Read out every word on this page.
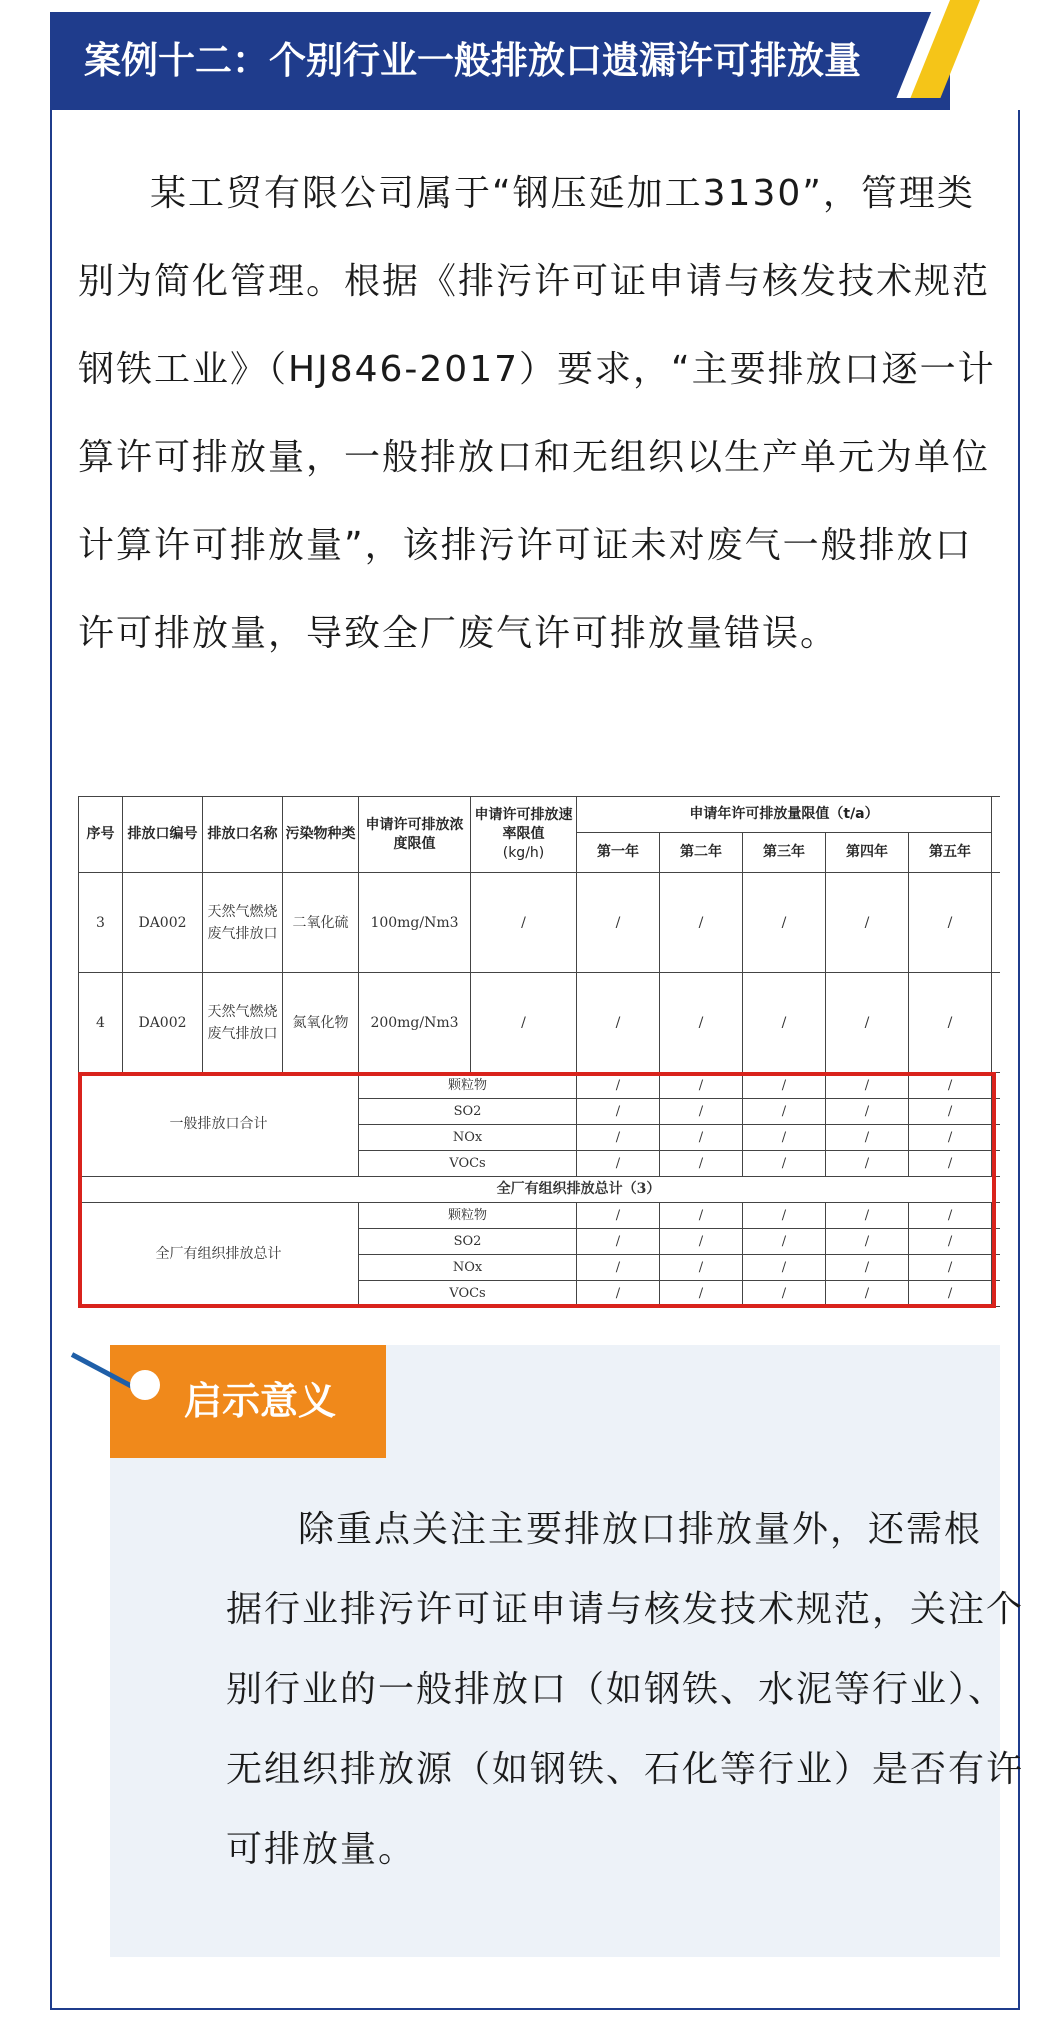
案例十二：个别行业一般排放口遗漏许可排放量

某工贸有限公司属于“钢压延加工3130”，管理类别为简化管理。根据《排污许可证申请与核发技术规范 钢铁工业》（HJ846-2017）要求，“主要排放口逐一计算许可排放量，一般排放口和无组织以生产单元为单位计算许可排放量”，该排污许可证未对废气一般排放口许可排放量，导致全厂废气许可排放量错误。

序号	排放口编号	排放口名称	污染物种类	申请许可排放浓度限值	申请许可排放速率限值
(kg/h)	申请年许可排放量限值（t/a）					
						第一年	第二年	第三年	第四年	第五年	
3	DA002	天然气燃烧废气排放口	二氧化硫	100mg/Nm3	/	/	/	/	/	/	
4	DA002	天然气燃烧废气排放口	氮氧化物	200mg/Nm3	/	/	/	/	/	/	
一般排放口合计				颗粒物		/	/	/	/	/	
				SO2		/	/	/	/	/	
				NOx		/	/	/	/	/	
				VOCs		/	/	/	/	/	
全厂有组织排放总计（3）											
全厂有组织排放总计				颗粒物		/	/	/	/	/	
				SO2		/	/	/	/	/	
				NOx		/	/	/	/	/	
				VOCs		/	/	/	/	/	
启示意义
除重点关注主要排放口排放量外，还需根
据行业排污许可证申请与核发技术规范，关注个
别行业的一般排放口（如钢铁、水泥等行业）、
无组织排放源（如钢铁、石化等行业）是否有许
可排放量。
